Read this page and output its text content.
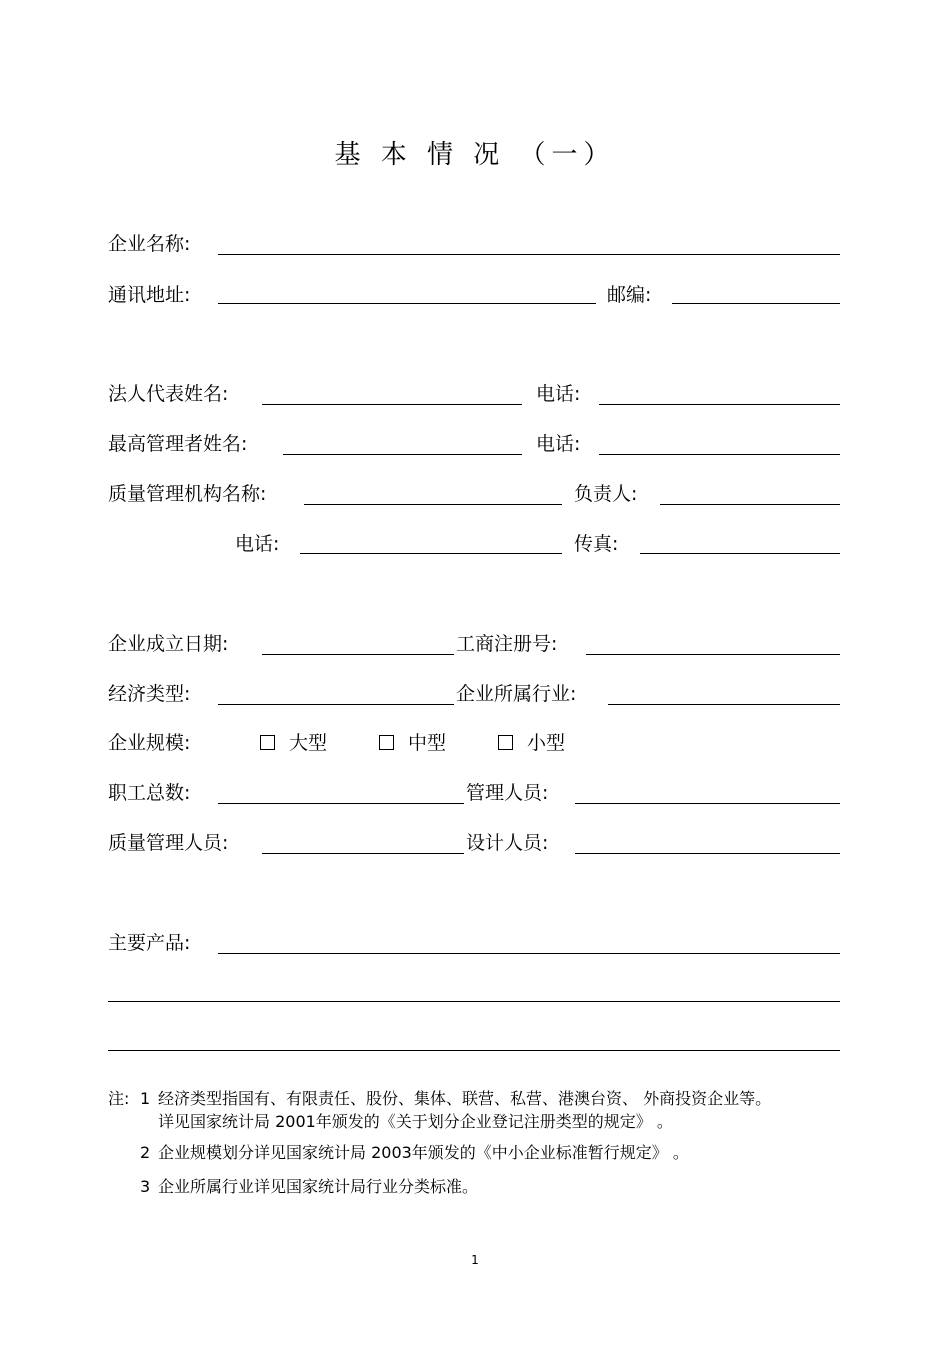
基 本 情 况 （一）
企业名称:
通讯地址:	邮编:
法人代表姓名:	电话:
最高管理者姓名:	电话:
质量管理机构名称:	负责人:
电话:	传真:
企业成立日期:	工商注册号:
经济类型:	企业所属行业:
企业规模:	大型	中型	小型
职工总数:	管理人员:
质量管理人员:	设计人员:
主要产品:
注: 1 经济类型指国有、有限责任、股份、集体、联营、私营、港澳台资、 外商投资企业等。
详见国家统计局 2001年颁发的《关于划分企业登记注册类型的规定》 。
2 企业规模划分详见国家统计局 2003年颁发的《中小企业标准暂行规定》 。
3 企业所属行业详见国家统计局行业分类标准。
1
